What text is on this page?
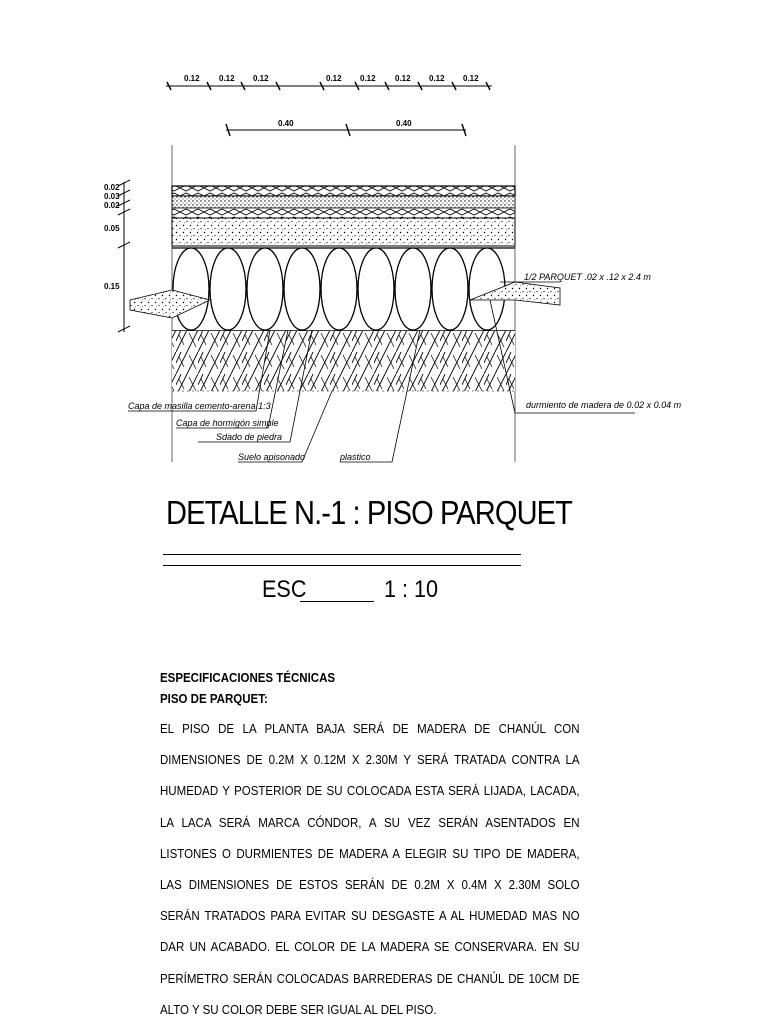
0.12 0.12 0.12	0.12 0.12 0.12 0.12 0.12
0.40	0.40
0.02
0.03
0.02
0.05
0.15
1/2 PARQUET .02 x .12 x 2.4 m
durmiento de madera de 0.02 x 0.04 m
Capa de masilla cemento-arena 1:3
Capa de hormigón simple
Sdado de piedra
Suelo apisonado	plastico
DETALLE N.-1 : PISO PARQUET
ESC	1 : 10
ESPECIFICACIONES TÉCNICAS
PISO DE PARQUET:

EL PISO DE LA PLANTA BAJA SERÁ DE MADERA DE CHANÚL CON DIMENSIONES DE 0.2M X 0.12M X 2.30M Y SERÁ TRATADA CONTRA LA HUMEDAD Y POSTERIOR DE SU COLOCADA ESTA SERÁ LIJADA, LACADA, LA LACA SERÁ MARCA CÓNDOR, A SU VEZ SERÁN ASENTADOS EN LISTONES O DURMIENTES DE MADERA A ELEGIR SU TIPO DE MADERA, LAS DIMENSIONES DE ESTOS SERÁN DE 0.2M X 0.4M X 2.30M SOLO SERÁN TRATADOS PARA EVITAR SU DESGASTE A AL HUMEDAD MAS NO DAR UN ACABADO. EL COLOR DE LA MADERA SE CONSERVARA. EN SU PERÍMETRO SERÁN COLOCADAS BARREDERAS DE CHANÚL DE 10CM DE ALTO Y SU COLOR DEBE SER IGUAL AL DEL PISO.
